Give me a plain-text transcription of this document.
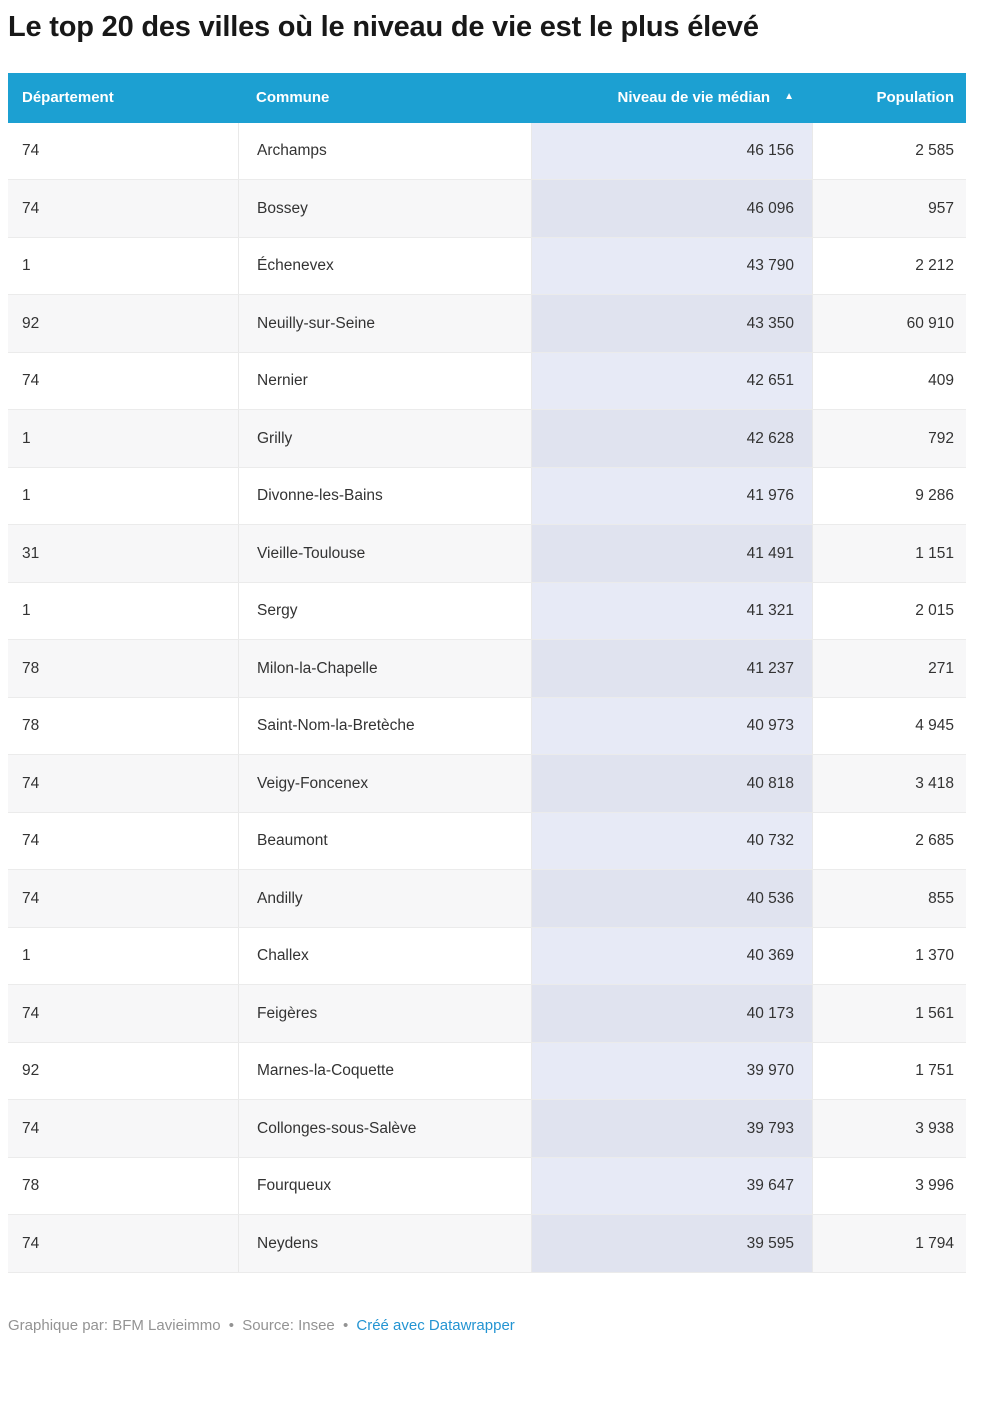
Le top 20 des villes où le niveau de vie est le plus élevé
Département	Commune	Niveau de vie médian ▲	Population
74	Archamps	46 156	2 585
74	Bossey	46 096	957
1	Échenevex	43 790	2 212
92	Neuilly-sur-Seine	43 350	60 910
74	Nernier	42 651	409
1	Grilly	42 628	792
1	Divonne-les-Bains	41 976	9 286
31	Vieille-Toulouse	41 491	1 151
1	Sergy	41 321	2 015
78	Milon-la-Chapelle	41 237	271
78	Saint-Nom-la-Bretèche	40 973	4 945
74	Veigy-Foncenex	40 818	3 418
74	Beaumont	40 732	2 685
74	Andilly	40 536	855
1	Challex	40 369	1 370
74	Feigères	40 173	1 561
92	Marnes-la-Coquette	39 970	1 751
74	Collonges-sous-Salève	39 793	3 938
78	Fourqueux	39 647	3 996
74	Neydens	39 595	1 794
Graphique par: BFM Lavieimmo • Source: Insee • Créé avec Datawrapper
